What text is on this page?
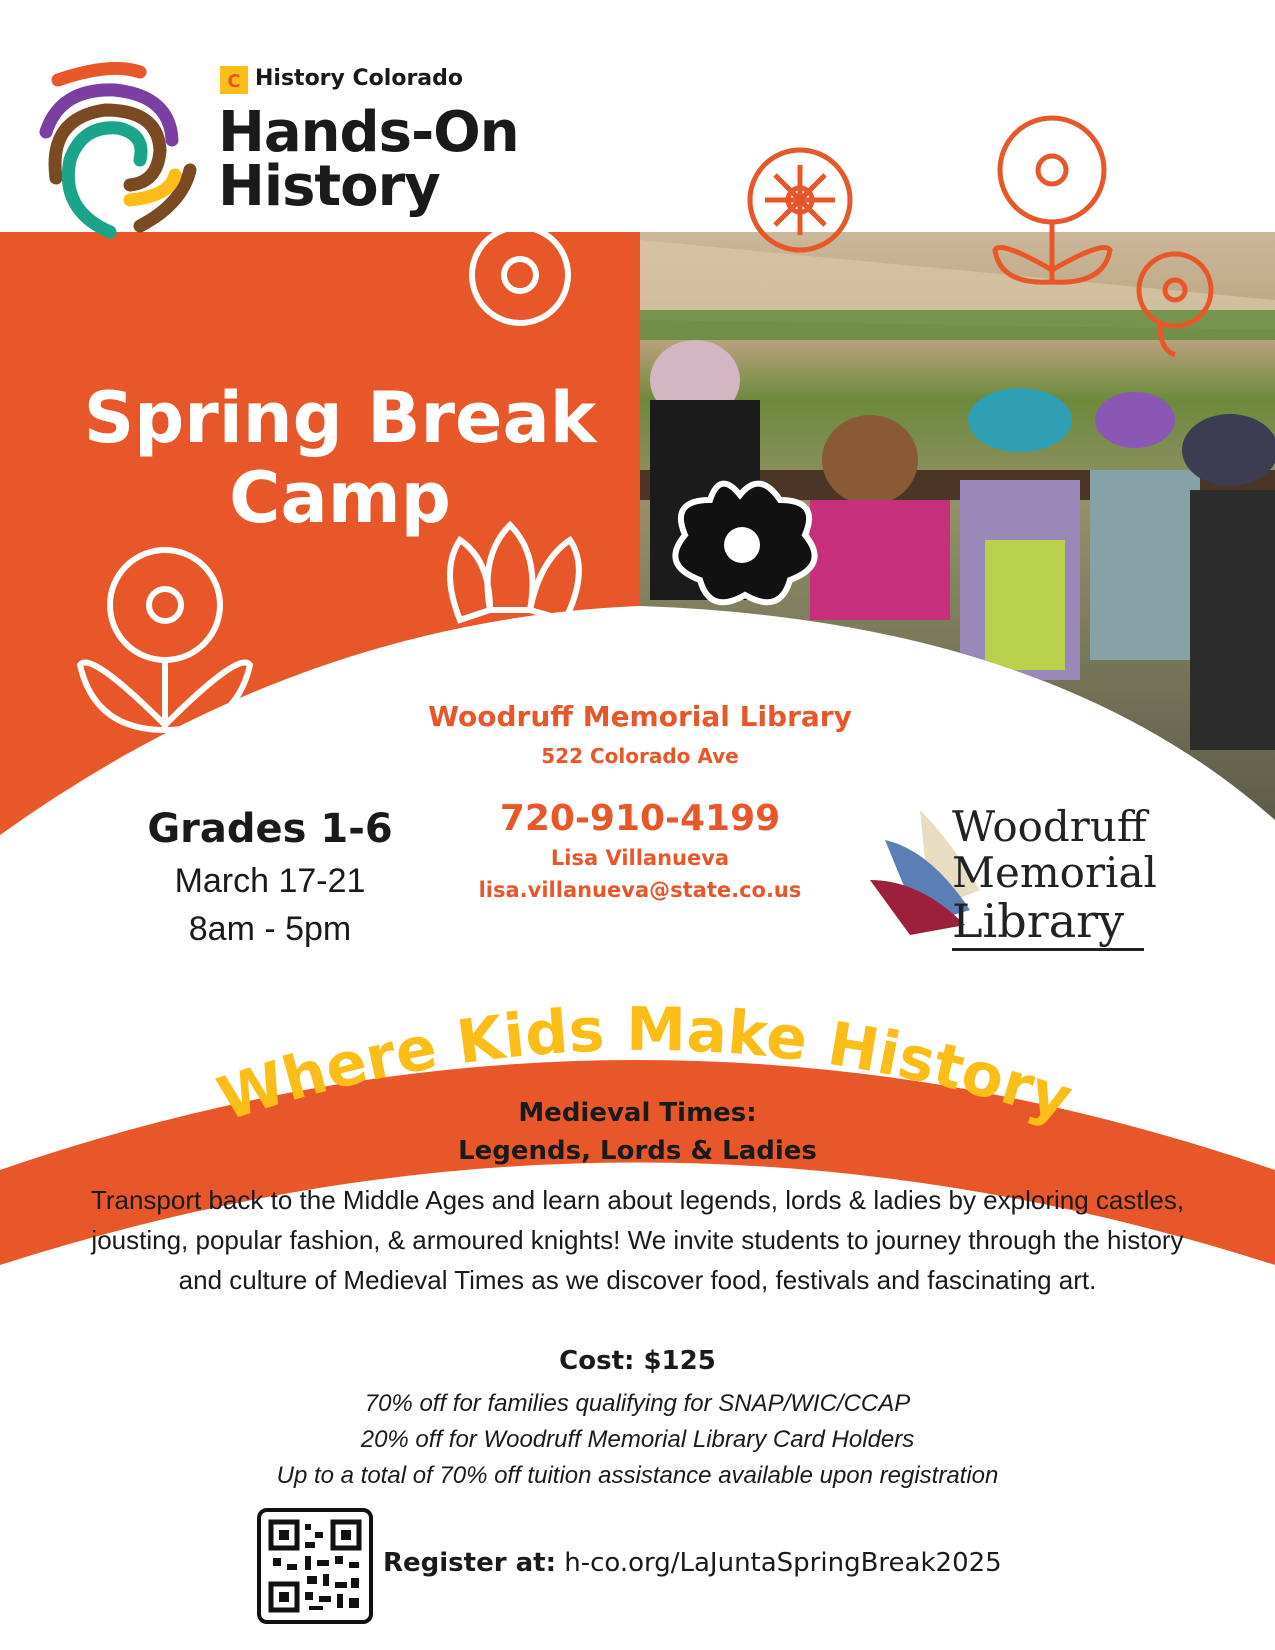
C History Colorado
Hands-On
History
Spring Break
Camp
Woodruff Memorial Library
522 Colorado Ave
720-910-4199
Lisa Villanueva
lisa.villanueva@state.co.us
Grades 1-6
March 17-21
8am - 5pm
Woodruff
Memorial
Library
Where Kids Make History
Medieval Times:
Legends, Lords & Ladies
Transport back to the Middle Ages and learn about legends, lords & ladies by exploring castles, jousting, popular fashion, & armoured knights! We invite students to journey through the history and culture of Medieval Times as we discover food, festivals and fascinating art.
Cost: $125
70% off for families qualifying for SNAP/WIC/CCAP
20% off for Woodruff Memorial Library Card Holders
Up to a total of 70% off tuition assistance available upon registration
Register at: h-co.org/LaJuntaSpringBreak2025
